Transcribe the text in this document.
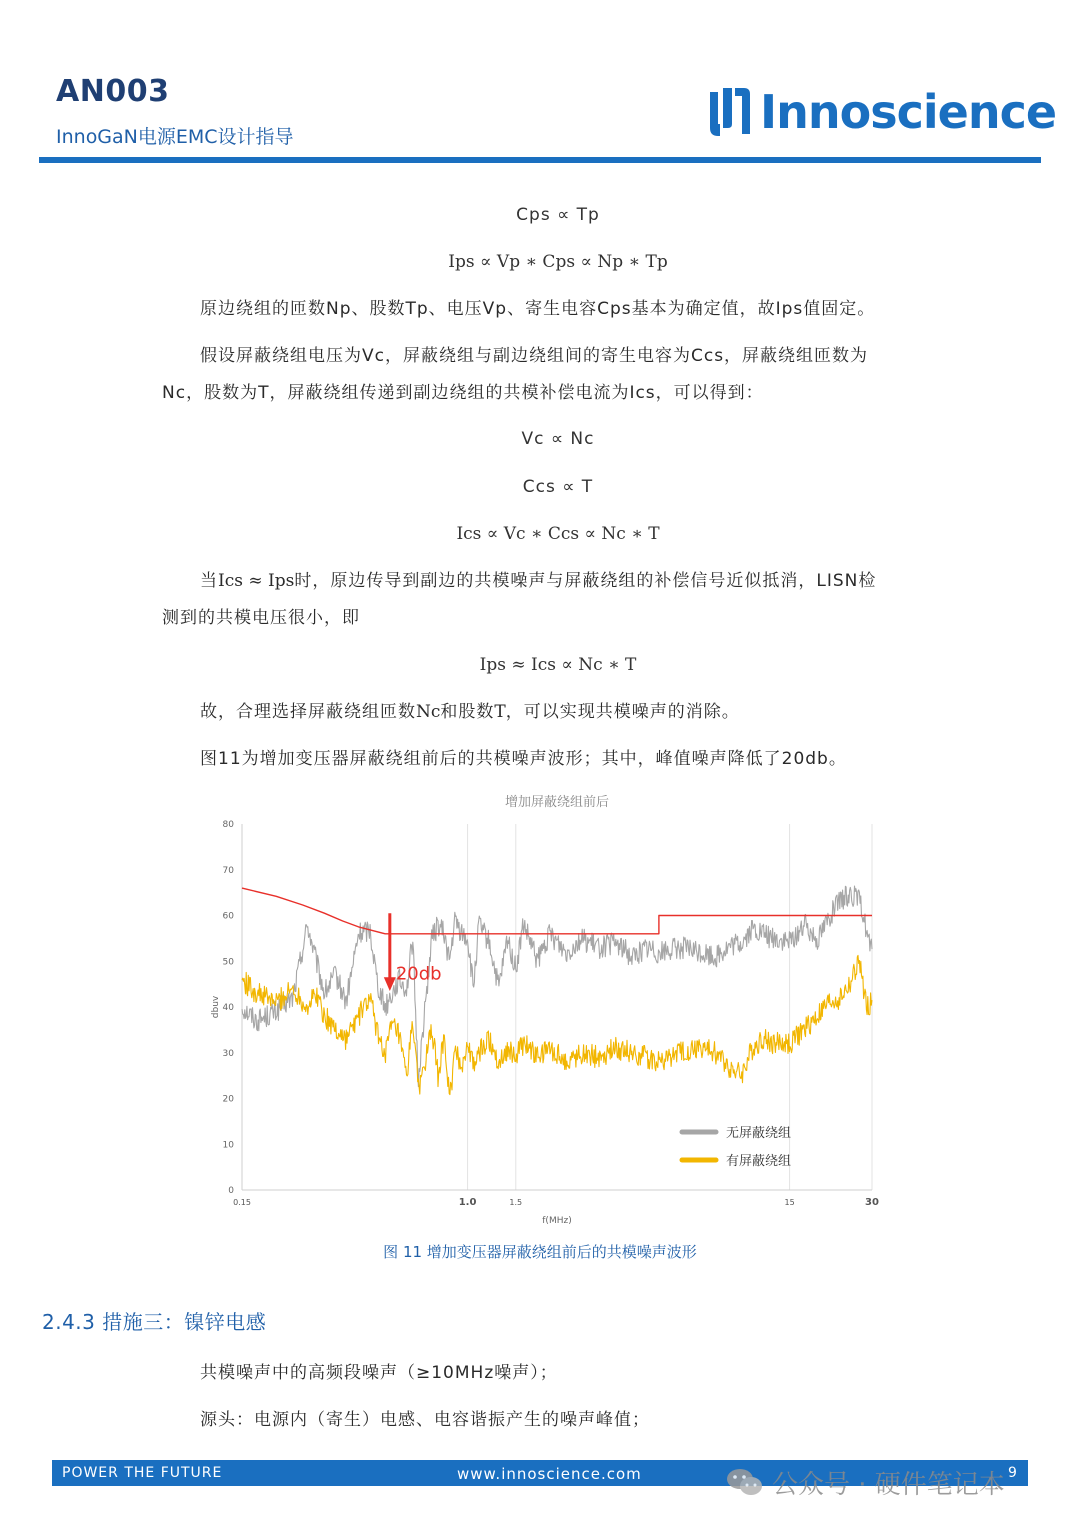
AN003
InnoGaN电源EMC设计指导	Innoscience
Cps ∝ Tp
Ips ∝ Vp ∗ Cps ∝ Np ∗ Tp
原边绕组的匝数Np、股数Tp、电压Vp、寄生电容Cps基本为确定值，故Ips值固定。
假设屏蔽绕组电压为Vc，屏蔽绕组与副边绕组间的寄生电容为Ccs，屏蔽绕组匝数为
Nc，股数为T，屏蔽绕组传递到副边绕组的共模补偿电流为Ics，可以得到：
Vc ∝ Nc
Ccs ∝ T
Ics ∝ Vc ∗ Ccs ∝ Nc ∗ T
当Ics ≈ Ips时，原边传导到副边的共模噪声与屏蔽绕组的补偿信号近似抵消，LISN检
测到的共模电压很小，即
Ips ≈ Ics ∝ Nc ∗ T
故，合理选择屏蔽绕组匝数Nc和股数T，可以实现共模噪声的消除。
图11为增加变压器屏蔽绕组前后的共模噪声波形；其中，峰值噪声降低了20db。
增加屏蔽绕组前后
0
10
20
30
40
50
60
70
80
0.15	1.0	1.5	15	30
f(MHz)
dbuv
20db
无屏蔽绕组
有屏蔽绕组
图 11 增加变压器屏蔽绕组前后的共模噪声波形
2.4.3 措施三：镍锌电感
共模噪声中的高频段噪声（≥10MHz噪声）；
源头：电源内（寄生）电感、电容谐振产生的噪声峰值；
POWER THE FUTURE	www.innoscience.com	公众号 · 硬件笔记本 9
